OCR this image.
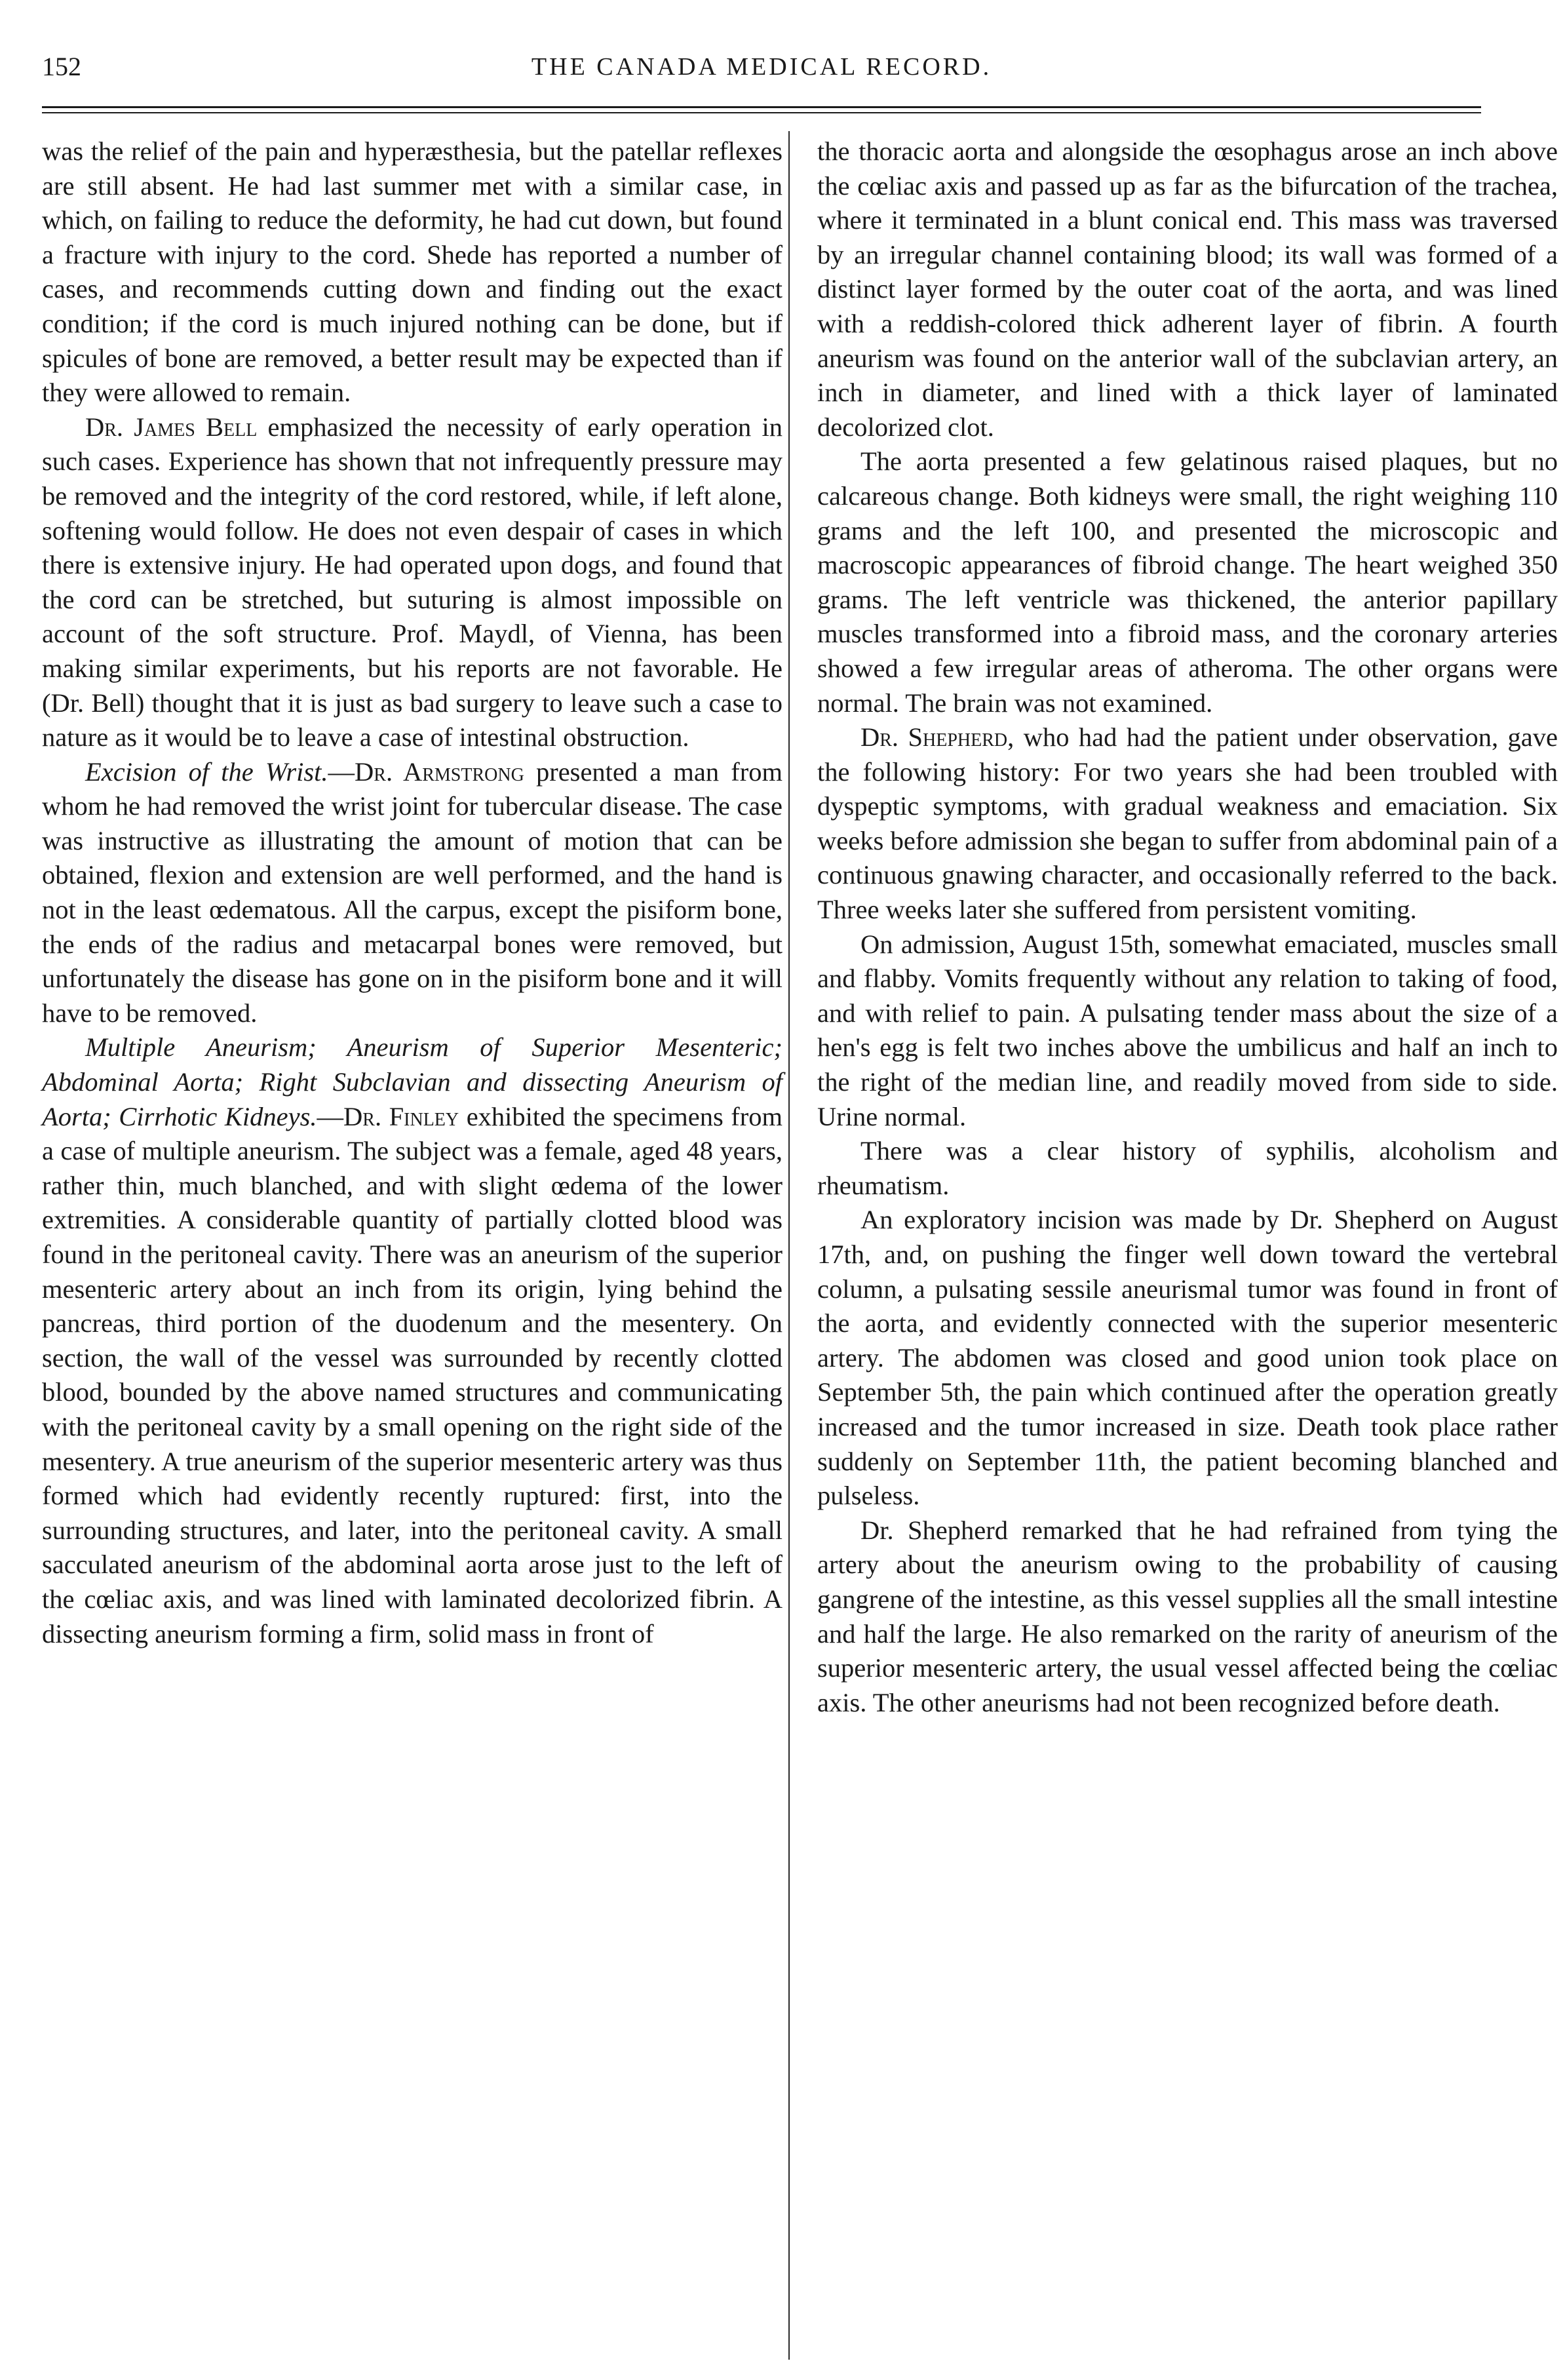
152	THE CANADA MEDICAL RECORD.

was the relief of the pain and hyperæsthesia, but the patellar reflexes are still absent. He had last summer met with a similar case, in which, on failing to reduce the deformity, he had cut down, but found a fracture with injury to the cord. Shede has reported a number of cases, and recommends cutting down and finding out the exact condition; if the cord is much injured nothing can be done, but if spicules of bone are removed, a better result may be expected than if they were allowed to remain.

Dr. James Bell emphasized the necessity of early operation in such cases. Experience has shown that not infrequently pressure may be removed and the integrity of the cord restored, while, if left alone, softening would follow. He does not even despair of cases in which there is extensive injury. He had operated upon dogs, and found that the cord can be stretched, but suturing is almost impossible on account of the soft structure. Prof. Maydl, of Vienna, has been making similar experiments, but his reports are not favorable. He (Dr. Bell) thought that it is just as bad surgery to leave such a case to nature as it would be to leave a case of intestinal obstruction.

Excision of the Wrist.—Dr. Armstrong presented a man from whom he had removed the wrist joint for tubercular disease. The case was instructive as illustrating the amount of motion that can be obtained, flexion and extension are well performed, and the hand is not in the least œdematous. All the carpus, except the pisiform bone, the ends of the radius and metacarpal bones were removed, but unfortunately the disease has gone on in the pisiform bone and it will have to be removed.

Multiple Aneurism; Aneurism of Superior Mesenteric; Abdominal Aorta; Right Subclavian and dissecting Aneurism of Aorta; Cirrhotic Kidneys.—Dr. Finley exhibited the specimens from a case of multiple aneurism. The subject was a female, aged 48 years, rather thin, much blanched, and with slight œdema of the lower extremities. A considerable quantity of partially clotted blood was found in the peritoneal cavity. There was an aneurism of the superior mesenteric artery about an inch from its origin, lying behind the pancreas, third portion of the duodenum and the mesentery. On section, the wall of the vessel was surrounded by recently clotted blood, bounded by the above named structures and communicating with the peritoneal cavity by a small opening on the right side of the mesentery. A true aneurism of the superior mesenteric artery was thus formed which had evidently recently ruptured: first, into the surrounding structures, and later, into the peritoneal cavity. A small sacculated aneurism of the abdominal aorta arose just to the left of the cœliac axis, and was lined with laminated decolorized fibrin. A dissecting aneurism forming a firm, solid mass in front of

the thoracic aorta and alongside the œsophagus arose an inch above the cœliac axis and passed up as far as the bifurcation of the trachea, where it terminated in a blunt conical end. This mass was traversed by an irregular channel containing blood; its wall was formed of a distinct layer formed by the outer coat of the aorta, and was lined with a reddish-colored thick adherent layer of fibrin. A fourth aneurism was found on the anterior wall of the subclavian artery, an inch in diameter, and lined with a thick layer of laminated decolorized clot.

The aorta presented a few gelatinous raised plaques, but no calcareous change. Both kidneys were small, the right weighing 110 grams and the left 100, and presented the microscopic and macroscopic appearances of fibroid change. The heart weighed 350 grams. The left ventricle was thickened, the anterior papillary muscles transformed into a fibroid mass, and the coronary arteries showed a few irregular areas of atheroma. The other organs were normal. The brain was not examined.

Dr. Shepherd, who had had the patient under observation, gave the following history: For two years she had been troubled with dyspeptic symptoms, with gradual weakness and emaciation. Six weeks before admission she began to suffer from abdominal pain of a continuous gnawing character, and occasionally referred to the back. Three weeks later she suffered from persistent vomiting.

On admission, August 15th, somewhat emaciated, muscles small and flabby. Vomits frequently without any relation to taking of food, and with relief to pain. A pulsating tender mass about the size of a hen's egg is felt two inches above the umbilicus and half an inch to the right of the median line, and readily moved from side to side. Urine normal.

There was a clear history of syphilis, alcoholism and rheumatism.

An exploratory incision was made by Dr. Shepherd on August 17th, and, on pushing the finger well down toward the vertebral column, a pulsating sessile aneurismal tumor was found in front of the aorta, and evidently connected with the superior mesenteric artery. The abdomen was closed and good union took place on September 5th, the pain which continued after the operation greatly increased and the tumor increased in size. Death took place rather suddenly on September 11th, the patient becoming blanched and pulseless.

Dr. Shepherd remarked that he had refrained from tying the artery about the aneurism owing to the probability of causing gangrene of the intestine, as this vessel supplies all the small intestine and half the large. He also remarked on the rarity of aneurism of the superior mesenteric artery, the usual vessel affected being the cœliac axis. The other aneurisms had not been recognized before death.
